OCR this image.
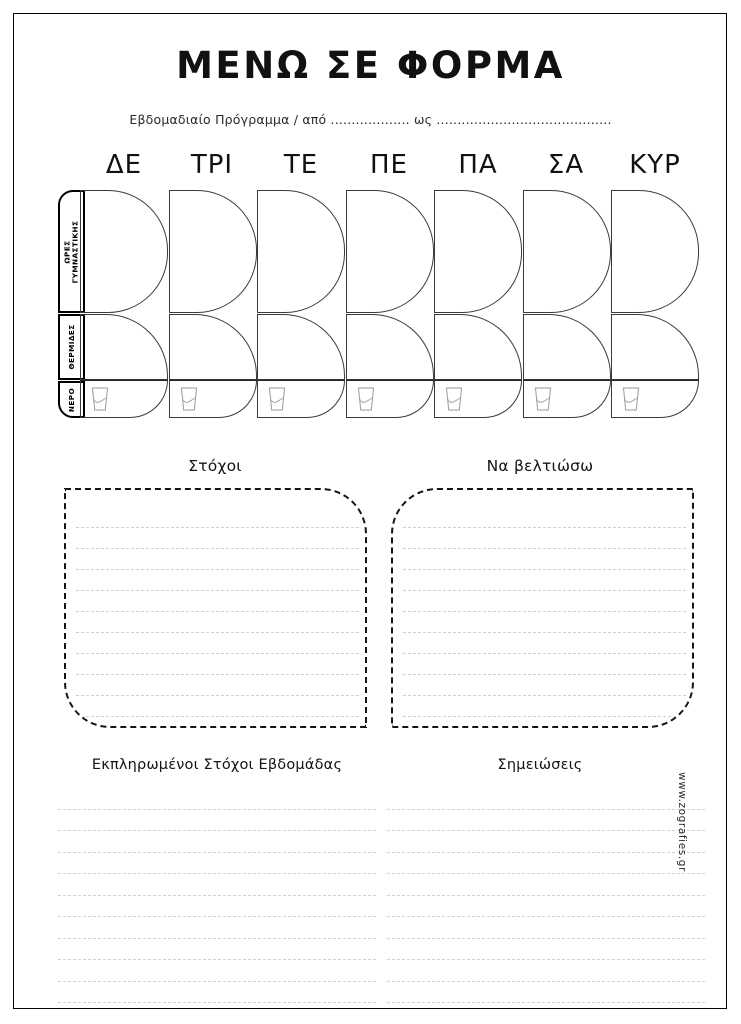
ΜΕΝΩ ΣΕ ΦΟΡΜΑ
Εβδομαδιαίο Πρόγραμμα / από ................... ως ..........................................
ΔΕ	ΤΡΙ	ΤΕ	ΠΕ	ΠΑ	ΣΑ	ΚΥΡ
ΩΡΕΣ
ΓΥΜΝΑΣΤΙΚΗΣ
ΘΕΡΜΙΔΕΣ
ΝΕΡΟ
Στόχοι	Να βελτιώσω
Εκπληρωμένοι Στόχοι Εβδομάδας	Σημειώσεις
www.zografies.gr
